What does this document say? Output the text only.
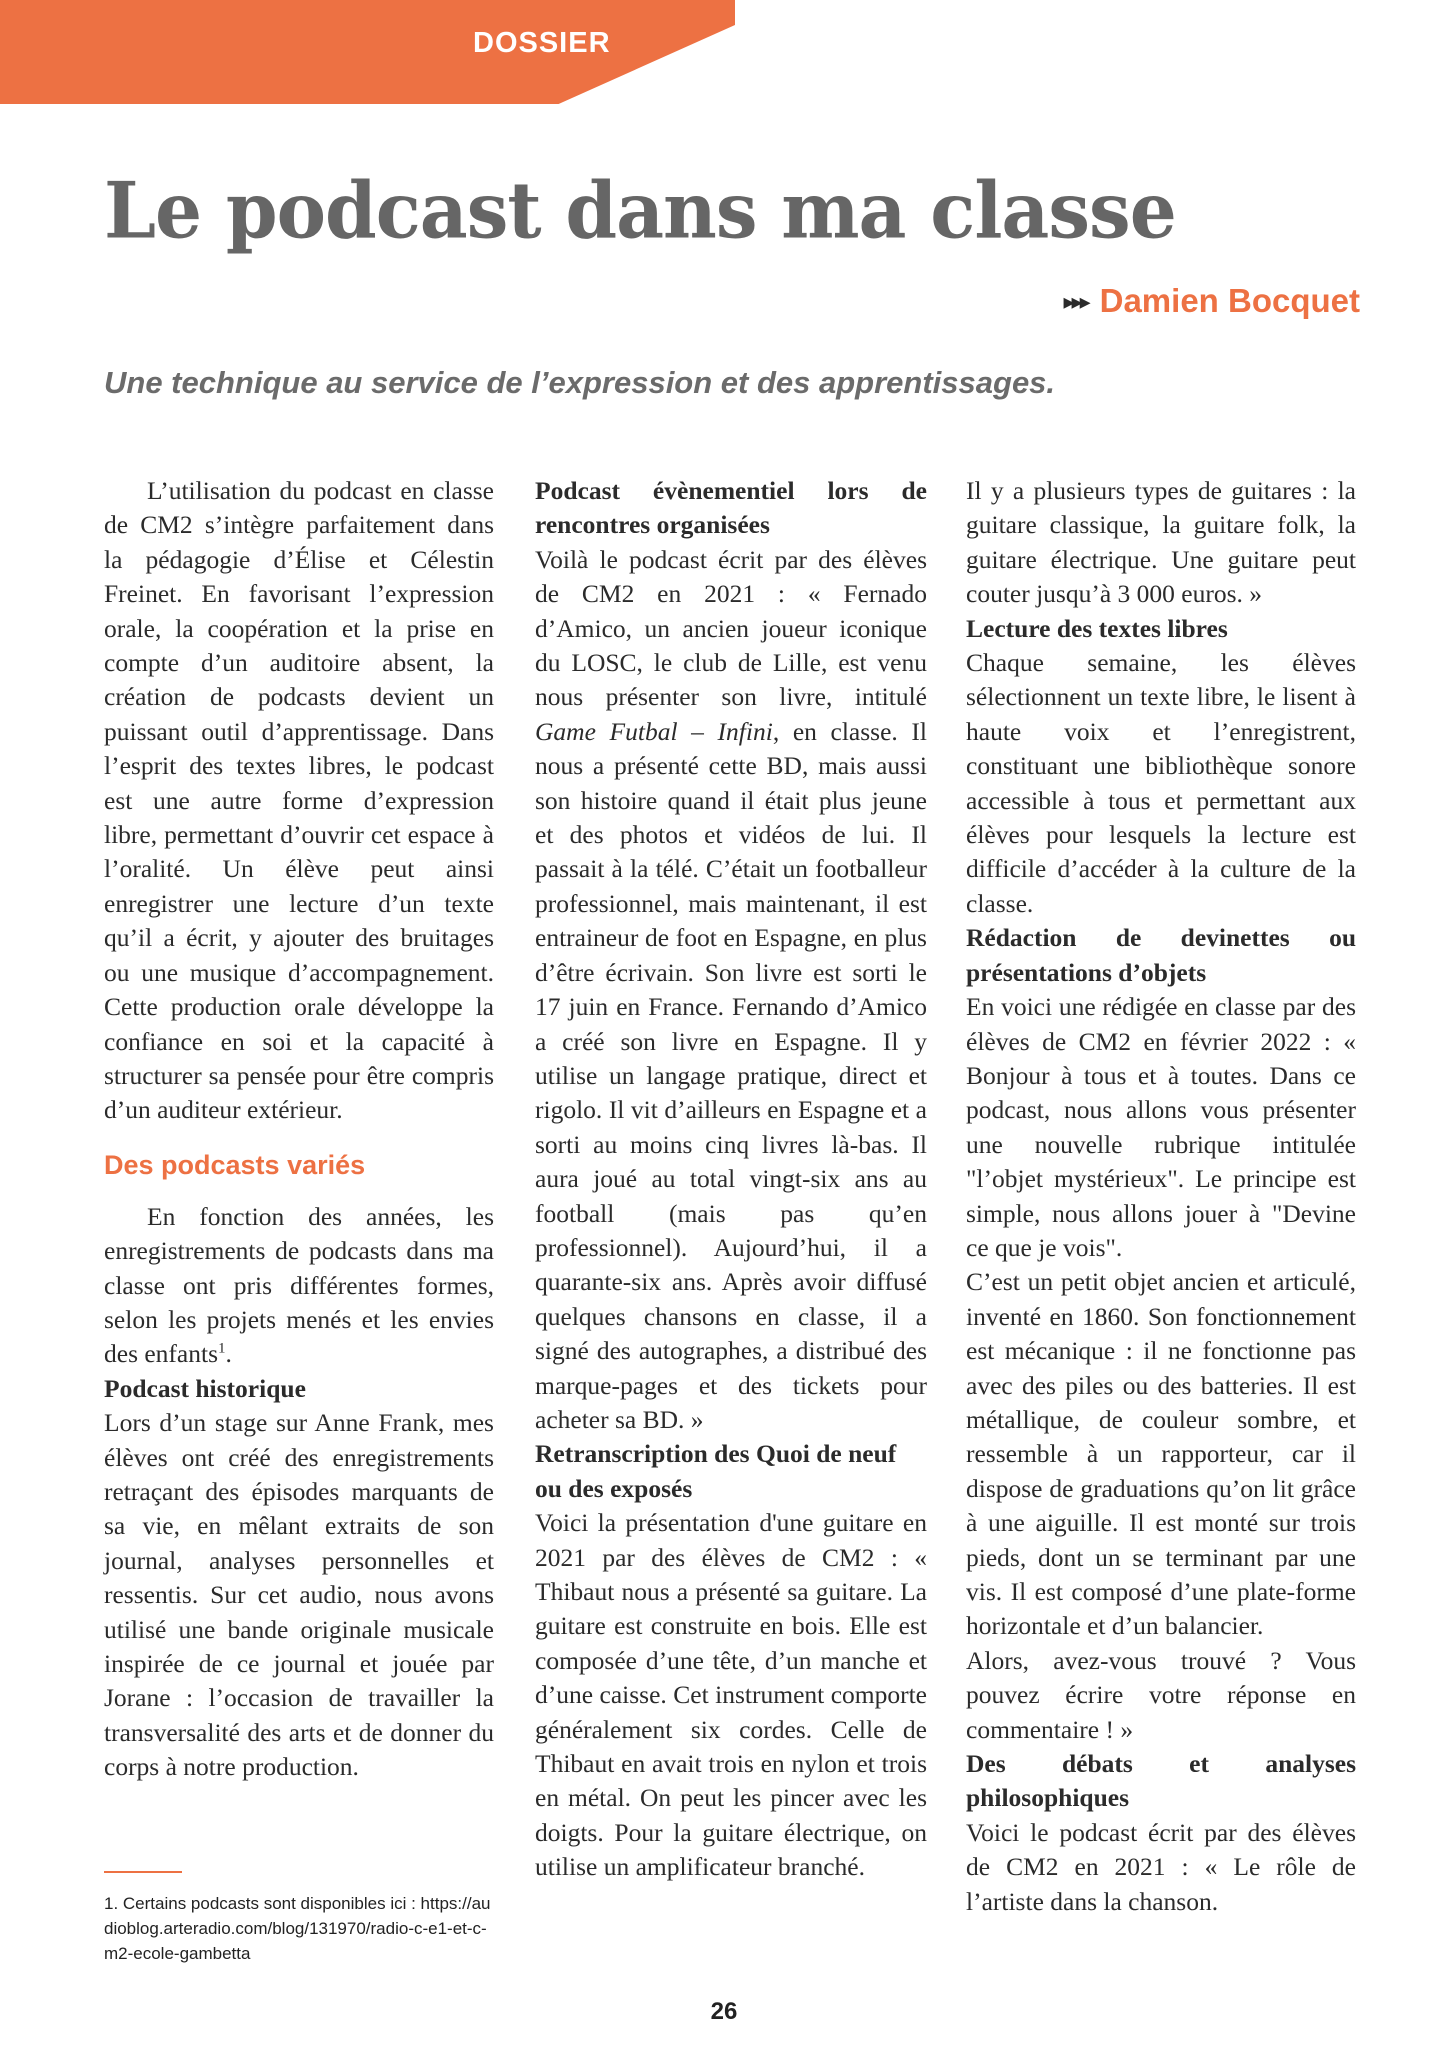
DOSSIER
Le podcast dans ma classe
▸▸▸ Damien Bocquet

Une technique au service de l’expression et des apprentissages.

L’utilisation du podcast en classe de CM2 s’intègre parfaitement dans la pédagogie d’Élise et Célestin Freinet. En favorisant l’expression orale, la coopération et la prise en compte d’un auditoire absent, la création de podcasts devient un puissant outil d’apprentissage. Dans l’esprit des textes libres, le podcast est une autre forme d’expression libre, permettant d’ouvrir cet espace à l’oralité. Un élève peut ainsi enregistrer une lecture d’un texte qu’il a écrit, y ajouter des bruitages ou une musique d’accompagnement. Cette production orale développe la confiance en soi et la capacité à structurer sa pensée pour être compris d’un auditeur extérieur.

Des podcasts variés

En fonction des années, les enregistrements de podcasts dans ma classe ont pris différentes formes, selon les projets menés et les envies des enfants$^1$.

Podcast historique

Lors d’un stage sur Anne Frank, mes élèves ont créé des enregistrements retraçant des épisodes marquants de sa vie, en mêlant extraits de son journal, analyses personnelles et ressentis. Sur cet audio, nous avons utilisé une bande originale musicale inspirée de ce journal et jouée par Jorane : l’occasion de travailler la transversalité des arts et de donner du corps à notre production.

Podcast évènementiel lors de rencontres organisées

Voilà le podcast écrit par des élèves de CM2 en 2021 : « Fernado d’Amico, un ancien joueur iconique du LOSC, le club de Lille, est venu nous présenter son livre, intitulé Game Futbal – Infini, en classe. Il nous a présenté cette BD, mais aussi son histoire quand il était plus jeune et des photos et vidéos de lui. Il passait à la télé. C’était un footballeur professionnel, mais maintenant, il est entraineur de foot en Espagne, en plus d’être écrivain. Son livre est sorti le 17 juin en France. Fernando d’Amico a créé son livre en Espagne. Il y utilise un langage pratique, direct et rigolo. Il vit d’ailleurs en Espagne et a sorti au moins cinq livres là-bas. Il aura joué au total vingt-six ans au football (mais pas qu’en professionnel). Aujourd’hui, il a quarante-six ans. Après avoir diffusé quelques chansons en classe, il a signé des autographes, a distribué des marque-pages et des tickets pour acheter sa BD. »

Retranscription des Quoi de neuf ou des exposés

Voici la présentation d'une guitare en 2021 par des élèves de CM2 : « Thibaut nous a présenté sa guitare. La guitare est construite en bois. Elle est composée d’une tête, d’un manche et d’une caisse. Cet instrument comporte généralement six cordes. Celle de Thibaut en avait trois en nylon et trois en métal. On peut les pincer avec les doigts. Pour la guitare électrique, on utilise un amplificateur branché.

Il y a plusieurs types de guitares : la guitare classique, la guitare folk, la guitare électrique. Une guitare peut couter jusqu’à 3 000 euros. »

Lecture des textes libres

Chaque semaine, les élèves sélectionnent un texte libre, le lisent à haute voix et l’enregistrent, constituant une bibliothèque sonore accessible à tous et permettant aux élèves pour lesquels la lecture est difficile d’accéder à la culture de la classe.

Rédaction de devinettes ou présentations d’objets

En voici une rédigée en classe par des élèves de CM2 en février 2022 : « Bonjour à tous et à toutes. Dans ce podcast, nous allons vous présenter une nouvelle rubrique intitulée "l’objet mystérieux". Le principe est simple, nous allons jouer à "Devine ce que je vois".

C’est un petit objet ancien et articulé, inventé en 1860. Son fonctionnement est mécanique : il ne fonctionne pas avec des piles ou des batteries. Il est métallique, de couleur sombre, et ressemble à un rapporteur, car il dispose de graduations qu’on lit grâce à une aiguille. Il est monté sur trois pieds, dont un se terminant par une vis. Il est composé d’une plate-forme horizontale et d’un balancier.

Alors, avez-vous trouvé ? Vous pouvez écrire votre réponse en commentaire ! »

Des débats et analyses philosophiques

Voici le podcast écrit par des élèves de CM2 en 2021 : « Le rôle de l’artiste dans la chanson.

1. Certains podcasts sont disponibles ici : https://audioblog.arteradio.com/blog/131970/radio-c-e1-et-c-m2-ecole-gambetta
26
